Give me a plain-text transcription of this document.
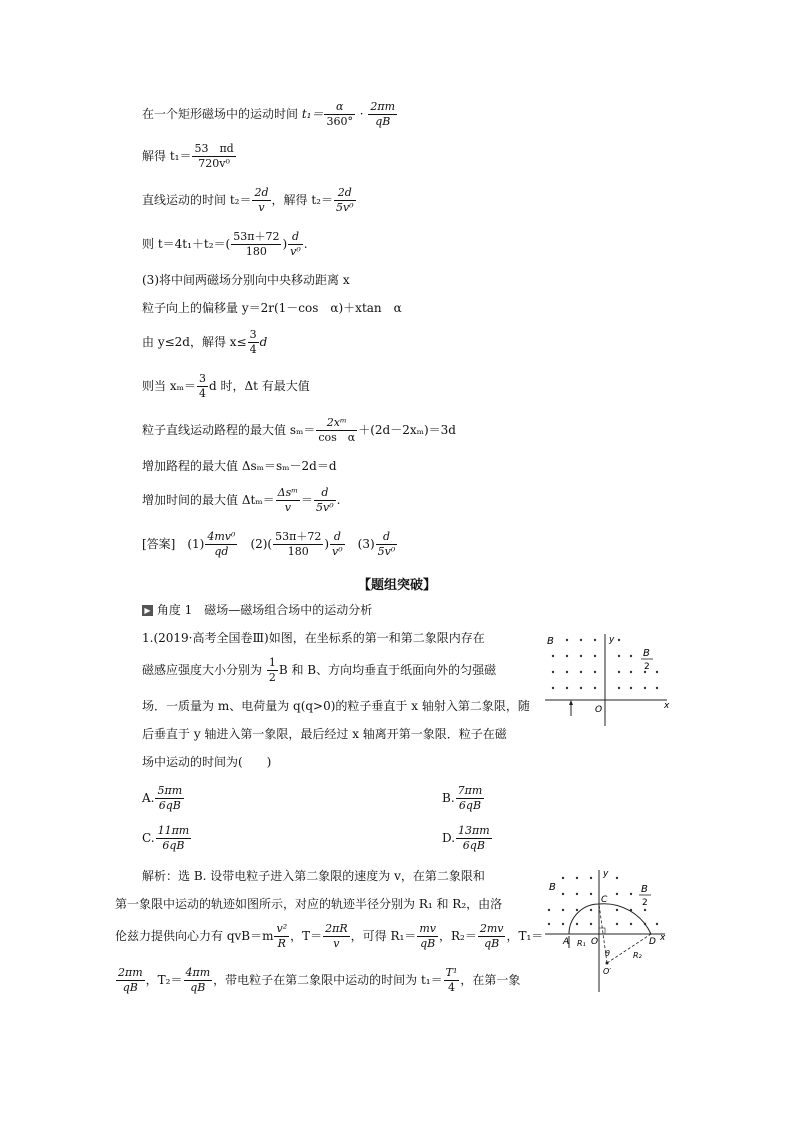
在一个矩形磁场中的运动时间 $t_1= \frac{\alpha}{360^\circ} \cdot \frac{2\pi m}{qB}$
解得 $t_1= \frac{53 \pi d}{\text{720v⁰}}$
直线运动的时间 $t_2= \frac{2d}{v}$ ，解得 $t_2= \frac{2d}{\text{5v⁰}}$
则 $t=4t_1+t_2=( \frac{53\pi+72}{180}$ ) $\frac{d}{\text{v⁰}}$ .
(3)将中间两磁场分别向中央移动距离 x
粒子向上的偏移量 y＝2r(1－cos　α)＋xtan　α
由 y≤2d，解得 $x\le \frac{3}{4}$ d
则当 $x_m= \frac{3}{4}$ d 时，Δt 有最大值
粒子直线运动路程的最大值 $s_m= \frac{\text{2xᵐ}}{\text{cos　α}} +(2d-2x_m)=3d$
增加路程的最大值 Δsₘ＝sₘ－2d＝d
增加时间的最大值 $\Delta t_m= \frac{\text{Δsᵐ}}{v} = \frac{d}{\text{5v⁰}}$ .
[答案]　$(1) \frac{\text{4mv⁰}}{qd}$ 　$(2)( \frac{53\pi+72}{180}$ ) $\frac{d}{\text{v⁰}}$ 　$(3) \frac{d}{\text{5v⁰}}$
【题组突破】
▶ 角度 1　磁场—磁场组合场中的运动分析
1.(2019·高考全国卷Ⅲ)如图，在坐标系的第一和第二象限内存在
磁感应强度大小分别为 $\frac{1}{2}$ B 和 B、方向均垂直于纸面向外的匀强磁
场．一质量为 m、电荷量为 q(q>0)的粒子垂直于 x 轴射入第二象限，随
后垂直于 y 轴进入第一象限，最后经过 x 轴离开第一象限．粒子在磁
场中运动的时间为(　　)
A. $\frac{5\pi m}{6qB}$	B. $\frac{7\pi m}{6qB}$
C. $\frac{11\pi m}{6qB}$	D. $\frac{13\pi m}{6qB}$
解析：选 B. 设带电粒子进入第二象限的速度为 v，在第二象限和
第一象限中运动的轨迹如图所示，对应的轨迹半径分别为 R₁ 和 R₂，由洛
伦兹力提供向心力有 $qvB=m \frac{\text{v²}}{R}$ ，$T= \frac{2\pi R}{v}$ ，可得 $R_1= \frac{mv}{qB}$ ，$R_2= \frac{2mv}{qB}$ ，T₁＝
$\frac{2\pi m}{qB}$ ，$T_2= \frac{4\pi m}{qB}$ ，带电粒子在第二象限中运动的时间为 $t_1= \frac{\text{T¹}}{4}$ ，在第一象
B
B
2
y
x
O
B	B
2
y
x
O
A
C
D
R₁
R₂
θ
O′
